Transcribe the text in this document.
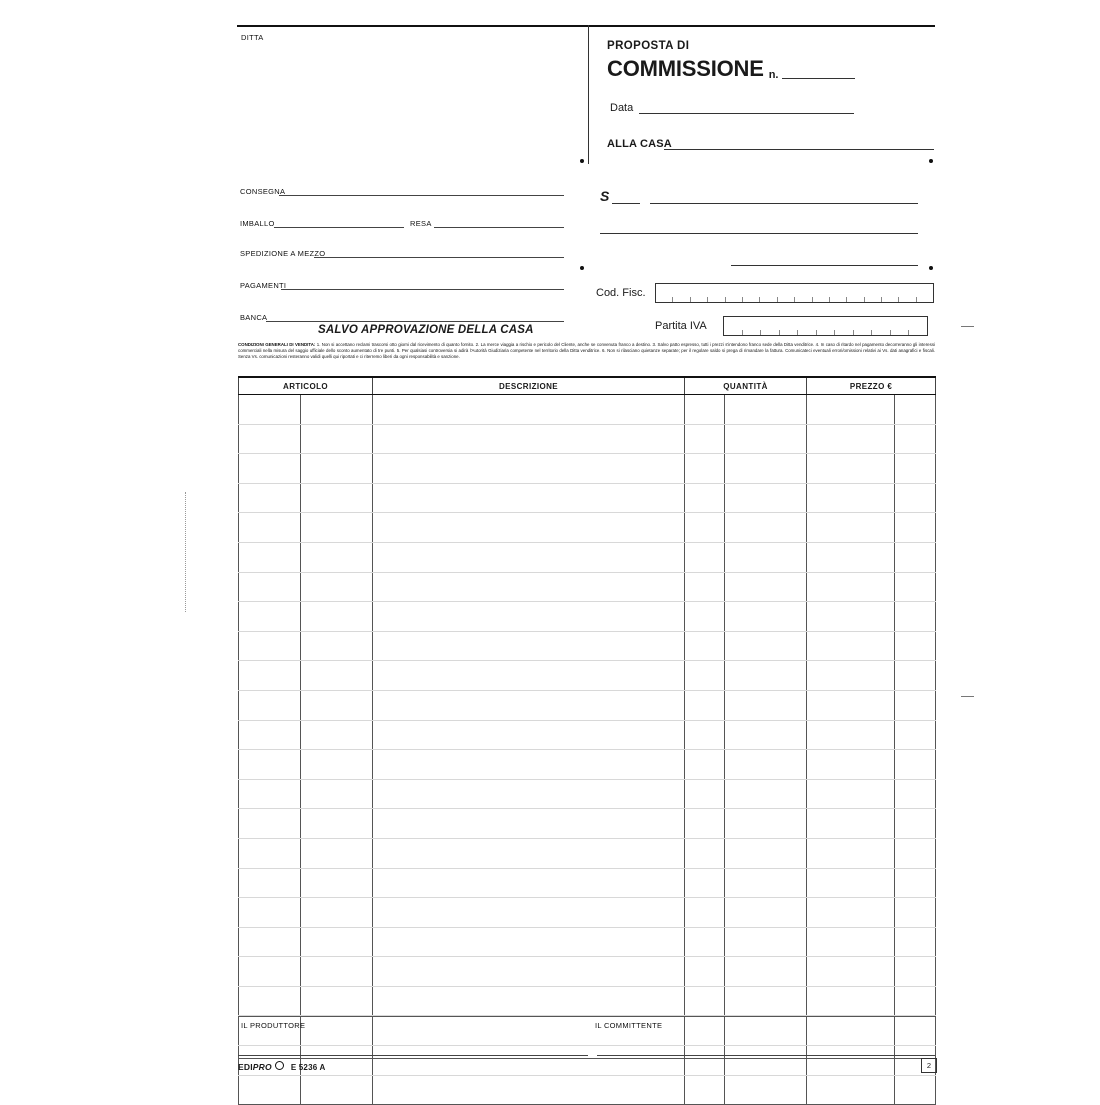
DITTA
PROPOSTA DI
COMMISSIONE n.
Data
ALLA CASA
CONSEGNA
IMBALLO	RESA
SPEDIZIONE A MEZZO
PAGAMENTI
BANCA
SALVO APPROVAZIONE DELLA CASA
S
Cod. Fisc.
Partita IVA
CONDIZIONI GENERALI DI VENDITA: 1. Non si accettano reclami trascorsi otto giorni dal ricevimento di quanto fornito. 2. La merce viaggia a rischio e pericolo del Cliente, anche se convenuta franco a destino. 3. Salvo patto espresso, tutti i prezzi s'intendono franco sede della Ditta venditrice. 4. In caso di ritardo nel pagamento decorreranno gli interessi commerciali nella misura del saggio ufficiale dello sconto aumentato di tre punti. 5. Per qualsiasi controversia si adirà l'Autorità Giudiziaria competente nel territorio della Ditta venditrice. 6. Non si rilasciano quietanze separate; per il regolare saldo si prega di rimandare la fattura. Comunicateci eventuali errori/omissioni relativi ai Vs. dati anagrafici e fiscali. Senza Vs. comunicazioni resteranno validi quelli qui riportati e ci riterremo liberi da ogni responsabilità e sanzione.
ARTICOLO		DESCRIZIONE	QUANTITÀ		PREZZO €	

IL PRODUTTORE	IL COMMITTENTE
EDI PRO E 5236 A	2
